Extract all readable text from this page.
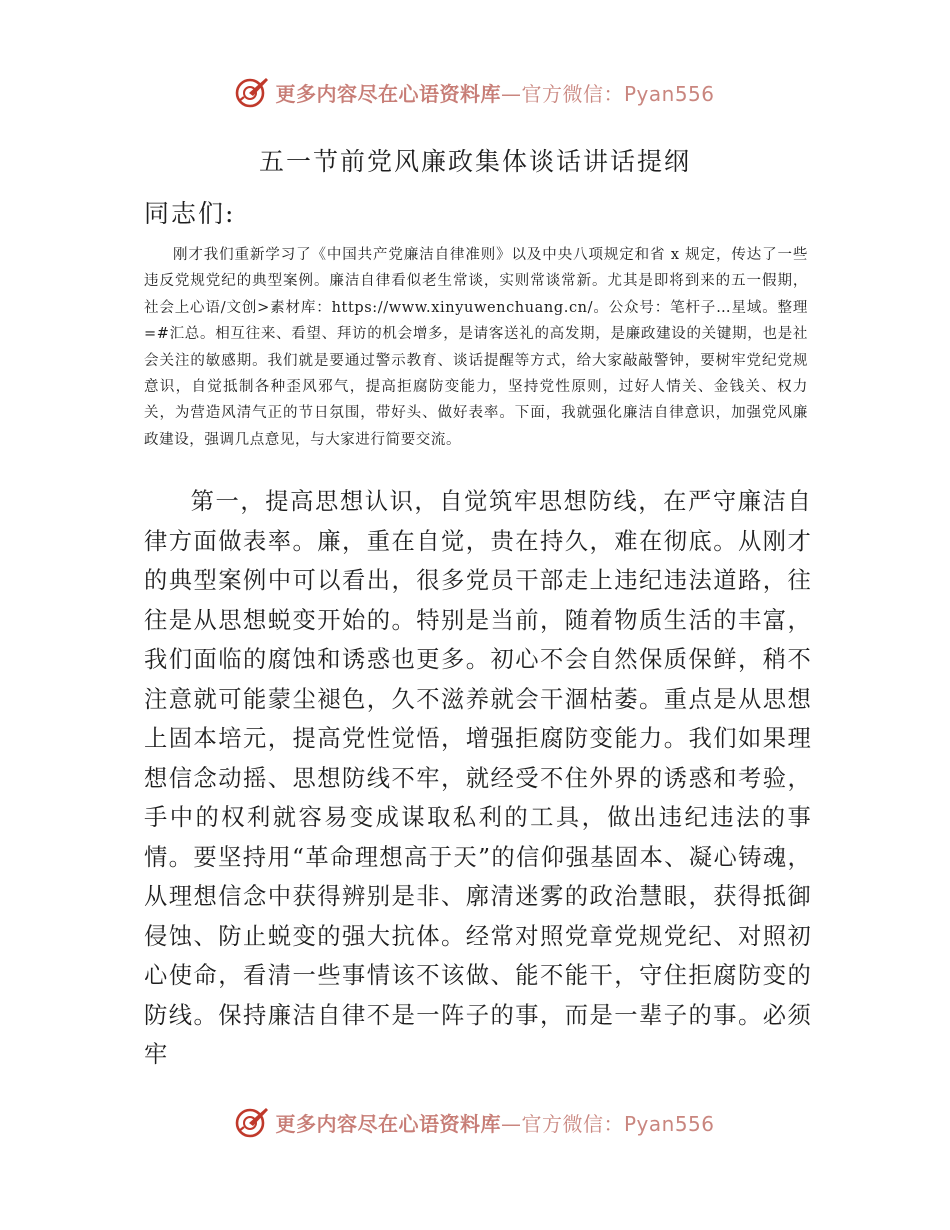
更多内容尽在心语资料库—官方微信：Pyan556
五一节前党风廉政集体谈话讲话提纲

同志们:

刚才我们重新学习了《中国共产党廉洁自律准则》以及中央八项规定和省 x 规定，传达了一些违反党规党纪的典型案例。廉洁自律看似老生常谈，实则常谈常新。尤其是即将到来的五一假期，社会上心语/文创>素材库：https://www.xinyuwenchuang.cn/。公众号：笔杆子…星域。整理=#汇总。相互往来、看望、拜访的机会增多，是请客送礼的高发期，是廉政建设的关键期，也是社会关注的敏感期。我们就是要通过警示教育、谈话提醒等方式，给大家敲敲警钟，要树牢党纪党规意识，自觉抵制各种歪风邪气，提高拒腐防变能力，坚持党性原则，过好人情关、金钱关、权力关，为营造风清气正的节日氛围，带好头、做好表率。下面，我就强化廉洁自律意识，加强党风廉政建设，强调几点意见，与大家进行简要交流。

第一，提高思想认识，自觉筑牢思想防线，在严守廉洁自律方面做表率。廉，重在自觉，贵在持久，难在彻底。从刚才的典型案例中可以看出，很多党员干部走上违纪违法道路，往往是从思想蜕变开始的。特别是当前，随着物质生活的丰富，我们面临的腐蚀和诱惑也更多。初心不会自然保质保鲜，稍不注意就可能蒙尘褪色，久不滋养就会干涸枯萎。重点是从思想上固本培元，提高党性觉悟，增强拒腐防变能力。我们如果理想信念动摇、思想防线不牢，就经受不住外界的诱惑和考验，手中的权利就容易变成谋取私利的工具，做出违纪违法的事情。要坚持用“革命理想高于天”的信仰强基固本、凝心铸魂，从理想信念中获得辨别是非、廓清迷雾的政治慧眼，获得抵御侵蚀、防止蜕变的强大抗体。经常对照党章党规党纪、对照初心使命，看清一些事情该不该做、能不能干，守住拒腐防变的防线。保持廉洁自律不是一阵子的事，而是一辈子的事。必须牢

更多内容尽在心语资料库—官方微信：Pyan556
